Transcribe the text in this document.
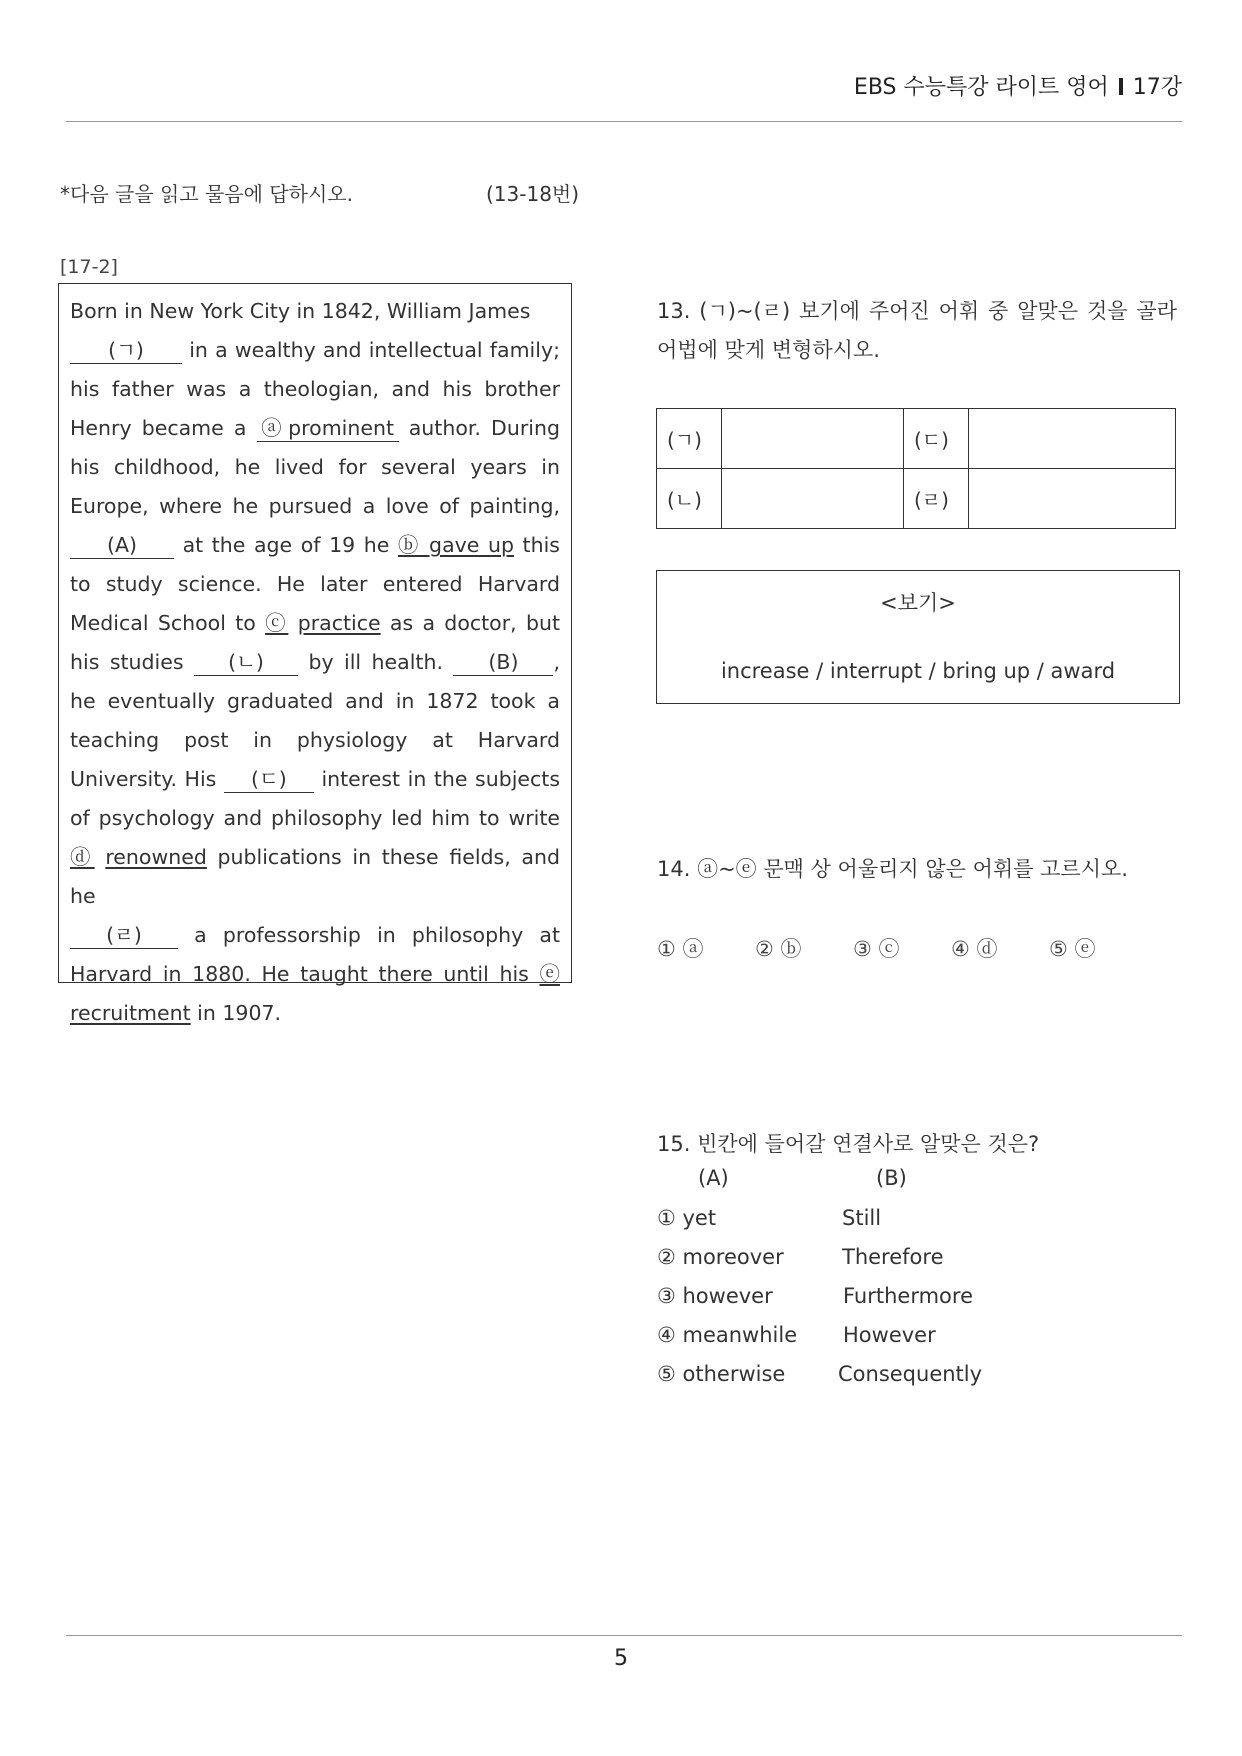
EBS 수능특강 라이트 영어 17강
*다음 글을 읽고 물음에 답하시오.	(13-18번)
[17-2]

Born in New York City in 1842, William James
(ㄱ) in a wealthy and intellectual family; his father was a theologian, and his brother Henry became a ⓐ prominent author. During his childhood, he lived for several years in Europe, where he pursued a love of painting, (A) at the age of 19 he ⓑ gave up this to study science. He later entered Harvard Medical School to ⓒ practice as a doctor, but his studies (ㄴ) by ill health. (B) , he eventually graduated and in 1872 took a teaching post in physiology at Harvard University. His (ㄷ) interest in the subjects of psychology and philosophy led him to write ⓓ renowned publications in these fields, and he
(ㄹ)	a professorship in philosophy at Harvard in 1880. He taught there until his ⓔ recruitment in 1907.

13. (ㄱ)~(ㄹ) 보기에 주어진 어휘 중 알맞은 것을 골라 어법에 맞게 변형하시오.
(ㄱ)		(ㄷ)	
(ㄴ)		(ㄹ)	
<보기>
increase / interrupt / bring up / award
14. ⓐ~ⓔ 문맥 상 어울리지 않은 어휘를 고르시오.
① ⓐ ② ⓑ ③ ⓒ ④ ⓓ ⑤ ⓔ
15. 빈칸에 들어갈 연결사로 알맞은 것은?
(A)	(B)
① yet	Still
② moreover	Therefore
③ however	Furthermore
④ meanwhile However
⑤ otherwise	Consequently
5
